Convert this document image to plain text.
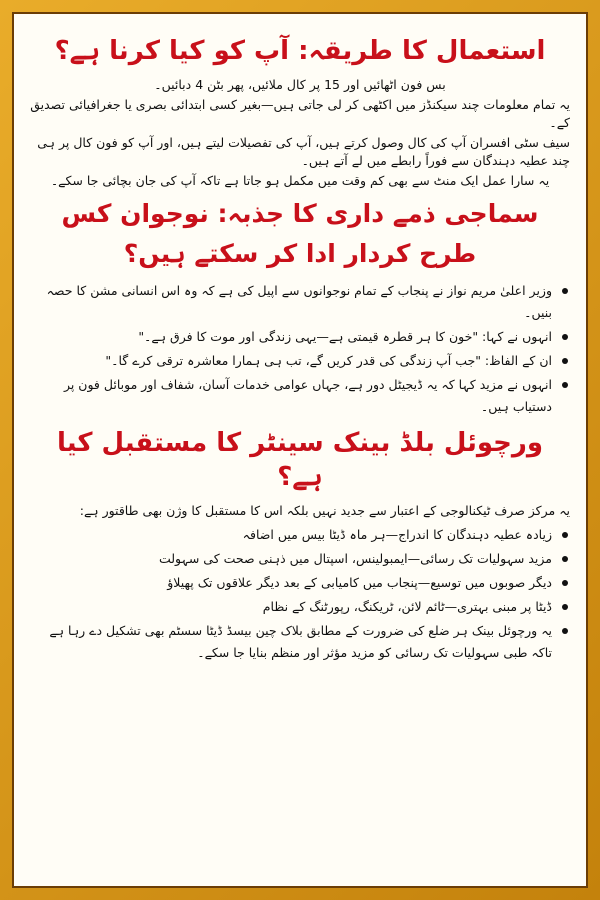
استعمال کا طریقہ: آپ کو کیا کرنا ہے؟
بس فون اٹھائیں اور 15 پر کال ملائیں، پھر بٹن 4 دبائیں۔
یہ تمام معلومات چند سیکنڈز میں اکٹھی کر لی جاتی ہیں—بغیر کسی ابتدائی بصری یا جغرافیائی تصدیق کے۔
سیف سٹی افسران آپ کی کال وصول کرتے ہیں، آپ کی تفصیلات لیتے ہیں، اور آپ کو فون کال پر ہی چند عطیہ دہندگان سے فوراً رابطے میں لے آتے ہیں۔
یہ سارا عمل ایک منٹ سے بھی کم وقت میں مکمل ہو جاتا ہے تاکہ آپ کی جان بچائی جا سکے۔
سماجی ذمے داری کا جذبہ: نوجوان کس طرح کردار ادا کر سکتے ہیں؟
وزیر اعلیٰ مریم نواز نے پنجاب کے تمام نوجوانوں سے اپیل کی ہے کہ وہ اس انسانی مشن کا حصہ بنیں۔
انہوں نے کہا: "خون کا ہر قطرہ قیمتی ہے—یہی زندگی اور موت کا فرق ہے۔"
ان کے الفاظ: "جب آپ زندگی کی قدر کریں گے، تب ہی ہمارا معاشرہ ترقی کرے گا۔"
انہوں نے مزید کہا کہ یہ ڈیجیٹل دور ہے، جہاں عوامی خدمات آسان، شفاف اور موبائل فون پر دستیاب ہیں۔
ورچوئل بلڈ بینک سینٹر کا مستقبل کیا ہے؟
یہ مرکز صرف ٹیکنالوجی کے اعتبار سے جدید نہیں بلکہ اس کا مستقبل کا وژن بھی طاقتور ہے:
زیادہ عطیہ دہندگان کا اندراج—ہر ماہ ڈیٹا بیس میں اضافہ
مزید سہولیات تک رسائی—ایمبولینس، اسپتال میں ذہنی صحت کی سہولت
دیگر صوبوں میں توسیع—پنجاب میں کامیابی کے بعد دیگر علاقوں تک پھیلاؤ
ڈیٹا پر مبنی بہتری—ٹائم لائن، ٹریکنگ، رپورٹنگ کے نظام
یہ ورچوئل بینک ہر ضلع کی ضرورت کے مطابق بلاک چین بیسڈ ڈیٹا سسٹم بھی تشکیل دے رہا ہے تاکہ طبی سہولیات تک رسائی کو مزید مؤثر اور منظم بنایا جا سکے۔
